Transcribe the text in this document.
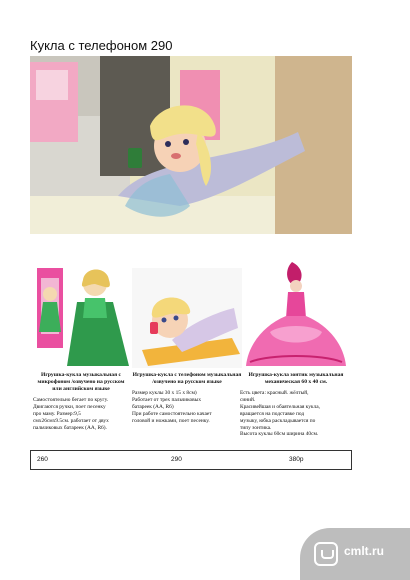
Кукла с телефоном 290
Игрушка-кукла музыкальная с микрофоном /озвучено на русском или английском языке
Самостоятельно бегает по кругу.
Двигаются ручки, поет песенку
про маму. Размер:9,5
смх26смх9.5см. работает от двух
пальчиковых батареек (АА, R6).
Игрушка-кукла с телефоном музыкальная /озвучено на русском языке
Размер куклы 30 x 15 x 8см)
Работает от трех пальчиковых
батареек (АА, R6)
При работе самостоятельно качает
головой и ножками, поет песенку.
Игрушка-кукла зонтик музыкальная механическая 60 х 40 см.
Есть цвета: красный. жёлтый,
синий.
Красивейшая и обаятельная кукла,
вращается на подставке под
музыку, юбка раскладывается по
типу зонтика.
Высота куклы 60см ширина 40см.
260	290	380р
cmlt.ru
